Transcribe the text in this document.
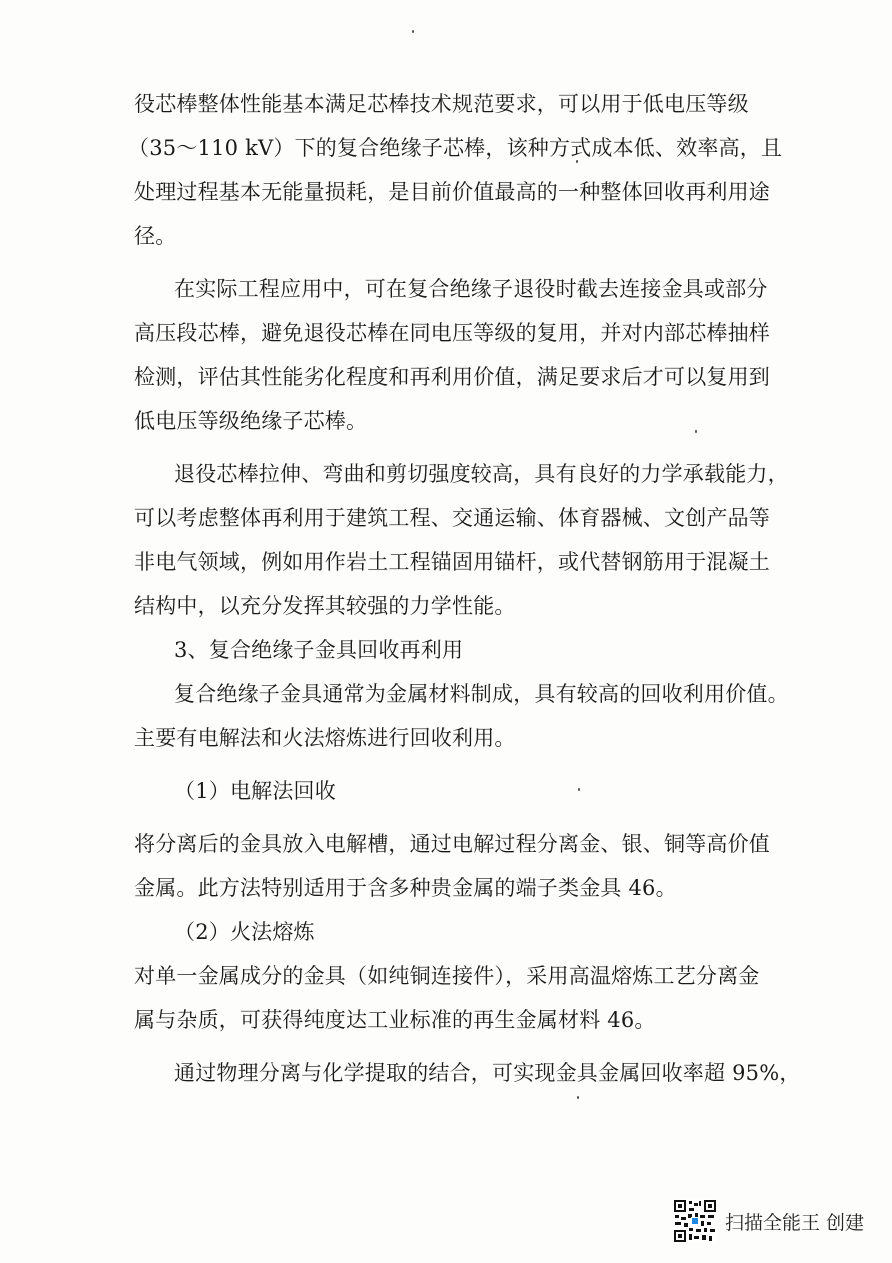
役芯棒整体性能基本满足芯棒技术规范要求，可以用于低电压等级
（35～110 kV）下的复合绝缘子芯棒，该种方式成本低、效率高，且
处理过程基本无能量损耗，是目前价值最高的一种整体回收再利用途
径。
在实际工程应用中，可在复合绝缘子退役时截去连接金具或部分
高压段芯棒，避免退役芯棒在同电压等级的复用，并对内部芯棒抽样
检测，评估其性能劣化程度和再利用价值，满足要求后才可以复用到
低电压等级绝缘子芯棒。
退役芯棒拉伸、弯曲和剪切强度较高，具有良好的力学承载能力，
可以考虑整体再利用于建筑工程、交通运输、体育器械、文创产品等
非电气领域，例如用作岩土工程锚固用锚杆，或代替钢筋用于混凝土
结构中，以充分发挥其较强的力学性能。
3、复合绝缘子金具回收再利用
复合绝缘子金具通常为金属材料制成，具有较高的回收利用价值。
主要有电解法和火法熔炼进行回收利用。
（1）电解法回收
将分离后的金具放入电解槽，通过电解过程分离金、银、铜等高价值
金属。此方法特别适用于含多种贵金属的端子类金具 46。
（2）火法熔炼
对单一金属成分的金具（如纯铜连接件），采用高温熔炼工艺分离金
属与杂质，可获得纯度达工业标准的再生金属材料 46。
通过物理分离与化学提取的结合，可实现金具金属回收率超 95%，
扫描全能王 创建
